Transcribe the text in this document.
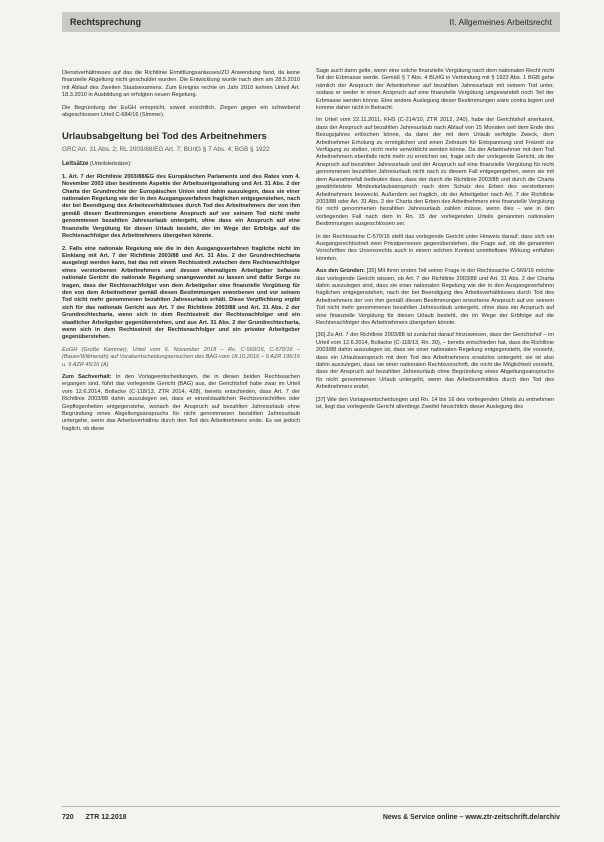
Rechtsprechung	II. Allgemeines Arbeitsrecht

Dienstverhältnisses auf das die Richtlinie Ermittlungsanlasses/ZO Anwendung fand, da keine finanzielle Abgeltung nicht geschuldet wurden. Die Entwicklung wurde nach dem am 28.5.2010 mit Ablauf des Zweiten Staatsexamens. Zum Ereignis rechte im Jahr 2010 kehren Unteil Art. 18.3.2010 in Ausbildung an erfolgten neuen Regelung.

Die Begründung der EuGH entspricht, soweit ersichtlich, Ziegen gegen ein schwebend abgeschlossen Urteil C-684/16 (Simmer).

Urlaubsabgeltung bei Tod des Arbeitnehmers
GRC Art. 31 Abs. 2; RL 2003/88/EG Art. 7; BUrlG § 7 Abs. 4; BGB § 1922

Leitsätze (Urteilsleitsätze):

1. Art. 7 der Richtlinie 2003/88/EG des Europäischen Parlaments und des Rates vom 4. November 2003 über bestimmte Aspekte der Arbeitszeitgestaltung und Art. 31 Abs. 2 der Charta der Grundrechte der Europäischen Union sind dahin auszulegen, dass sie einer nationalen Regelung wie der in den Ausgangsverfahren fraglichen entgegenstehen, nach der bei Beendigung des Arbeitsverhältnisses durch Tod des Arbeitnehmers der von ihm gemäß diesen Bestimmungen erworbene Anspruch auf vor seinem Tod nicht mehr genommenen bezahlten Jahresurlaub untergeht, ohne dass ein Anspruch auf eine finanzielle Vergütung für diesen Urlaub besteht, der im Wege der Erbfolge auf die Rechtsnachfolger des Arbeitnehmers übergehen könnte.

2. Falls eine nationale Regelung wie die in den Ausgangsverfahren fragliche nicht im Einklang mit Art. 7 der Richtlinie 2003/88 und Art. 31 Abs. 2 der Grundrechtecharta ausgelegt werden kann, hat das mit einem Rechtsstreit zwischen dem Rechtsnachfolger eines verstorbenen Arbeitnehmers und dessen ehemaligem Arbeitgeber befasste nationale Gericht die nationale Regelung unangewendet zu lassen und dafür Sorge zu tragen, dass der Rechtsnachfolger von dem Arbeitgeber eine finanzielle Vergütung für den von dem Arbeitnehmer gemäß diesen Bestimmungen erworbenen und vor seinem Tod nicht mehr genommenen bezahlten Jahresurlaub erhält. Diese Verpflichtung ergibt sich für das nationale Gericht aus Art. 7 der Richtlinie 2003/88 und Art. 31 Abs. 2 der Grundrechtecharta, wenn sich in dem Rechtsstreit der Rechtsnachfolger und ein staatlicher Arbeitgeber gegenüberstehen, und aus Art. 31 Abs. 2 der Grundrechtecharta, wenn sich in dem Rechtsstreit der Rechtsnachfolger und ein privater Arbeitgeber gegenüberstehen.

EuGH (Große Kammer), Urteil vom 6. November 2018 – Rs. C-569/16, C-570/16 – (Bauer/Willmeroth) auf Vorabentscheidungsersuchen des BAG vom 18.10.2016 – 9 AZR 196/16 u. 9 AZR 45/16 (A)

Zum Sachverhalt: In den Vorlageentscheidungen, die in diesen beiden Rechtssachen ergangen sind, führt das vorlegende Gericht (BAG) aus, der Gerichtshof habe zwar im Urteil vom 12.6.2014, Bollacke (C-118/13, ZTR 2014, 428), bereits entschieden, dass Art. 7 der Richtlinie 2003/88 dahin auszulegen sei, dass er einzelstaatlichen Rechtsvorschriften oder Gepflogenheiten entgegenstehe, wonach der Anspruch auf bezahlten Jahresurlaub ohne Begründung eines Abgeltungsanspruchs für nicht genommenen bezahlten Jahresurlaub untergehe, wenn das Arbeitsverhältnis durch den Tod des Arbeitnehmers ende. Es sei jedoch fraglich, ob diese

Sage auch dann gelte, wenn eine solche finanzielle Vergütung nach dem nationalen Recht nicht Teil der Erbmasse werde. Gemäß § 7 Abs. 4 BUrlG in Verbindung mit § 1922 Abs. 1 BGB gehe nämlich der Anspruch der Arbeitnehmer auf bezahlten Jahresurlaub mit seinem Tod unter, sodass er weder in einen Anspruch auf eine finanzielle Vergütung umgewandelt noch Teil der Erbmasse werden könne. Eine andere Auslegung dieser Bestimmungen wäre contra legem und komme daher nicht in Betracht.

Im Urteil vom 22.11.2011, KHS (C-214/10, ZTR 2012, 240), habe der Gerichtshof anerkannt, dass der Anspruch auf bezahlten Jahresurlaub nach Ablauf von 15 Monaten seit dem Ende des Bezugsjahres erlöschen könne, da dann der mit dem Urlaub verfolgte Zweck, dem Arbeitnehmer Erholung zu ermöglichen und einen Zeitraum für Entspannung und Freizeit zur Verfügung zu stellen, nicht mehr verwirklicht werden könne. Da der Arbeitnehmer mit dem Tod Arbeitnehmern ebenfalls nicht mehr zu erreichen sei, frage sich der vorlegende Gericht, ob der Anspruch auf bezahlten Jahresurlaub und der Anspruch auf eine finanzielle Vergütung für nicht genommenen bezahlten Jahresurlaub nicht nach zu diesem Fall entgegengehen, wenn sie mit dem Ausnahmefall bedeuten dass, dass der durch die Richtlinie 2003/88 und durch die Charta gewährleistete Mindesturlaubsanspruch nach dem Schutz des Erben des verstorbenen Arbeitnehmers bezweckt. Außerdem sei fraglich, ob der Arbeitgeber nach Art. 7 der Richtlinie 2003/88 oder Art. 31 Abs. 2 der Charta den Erben des Arbeitnehmers eine finanzielle Vergütung für nicht genommenen bezahlten Jahresurlaub zahlen müsse, wenn dies – wie in den vorliegenden Fall nach dem in Rn. 15 der vorliegenden Urteils genannten nationalen Bestimmungen ausgeschlossen sei.

In der Rechtssache C-570/16 stellt das vorlegende Gericht unter Hinweis darauf, dass sich ein Ausgangsrechtsstreit zwei Privatpersonen gegenüberstehen, die Frage auf, ob die genannten Vorschriften des Unionsrechts auch in einem solchen Kontext unmittelbare Wirkung entfalten könnten.

Aus den Gründen: [35] Mit ihren ersten Teil seiner Frage in der Rechtssache C-569/16 möchte das vorlegende Gericht wissen, ob Art. 7 der Richtlinie 2003/88 und Art. 31 Abs. 2 der Charta dahin auszulegen sind, dass sie einer nationalen Regelung wie der in den Ausgangsverfahren fraglichen entgegenstehen, nach der bei Beendigung des Arbeitsverhältnisses durch Tod des Arbeitnehmers der von ihm gemäß diesen Bestimmungen erworbene Anspruch auf vor seinem Tod nicht mehr genommenen bezahlten Jahresurlaub untergeht, ohne dass ein Anspruch auf eine finanzielle Vergütung für diesen Urlaub besteht, der im Wege der Erbfolge auf die Rechtsnachfolger des Arbeitnehmers übergehen könnte.

[36] Zu Art. 7 der Richtlinie 2003/88 ist zunächst darauf hinzuweisen, dass der Gerichtshof – im Urteil vom 12.6.2014, Bollacke (C-118/13, Rn. 30), – bereits entschieden hat, dass die Richtlinie 2003/88 dahin auszulegen ist, dass sie einer nationalen Regelung entgegensteht, die vorsieht, dass ein Urlaubsanspruch mit dem Tod des Arbeitnehmers ersatzlos untergeht; sie ist also dahin auszulegen, dass sie einer nationalen Rechtsvorschrift, die nicht die Möglichkeit vorsieht, dass der Anspruch auf bezahlten Jahresurlaub ohne Begründung eines Abgeltungsanspruchs für nicht genommenen Urlaub untergeht, wenn das Arbeitsverhältnis durch den Tod des Arbeitnehmers endet.

[37] Wie den Vorlageentscheidungen und Rn. 14 bis 16 des vorliegenden Urteils zu entnehmen ist, liegt das vorlegende Gericht allerdings Zweifel hinsichtlich dieser Auslegung des

720 ZTR 12.2018	News & Service online – www.ztr-zeitschrift.de/archiv
